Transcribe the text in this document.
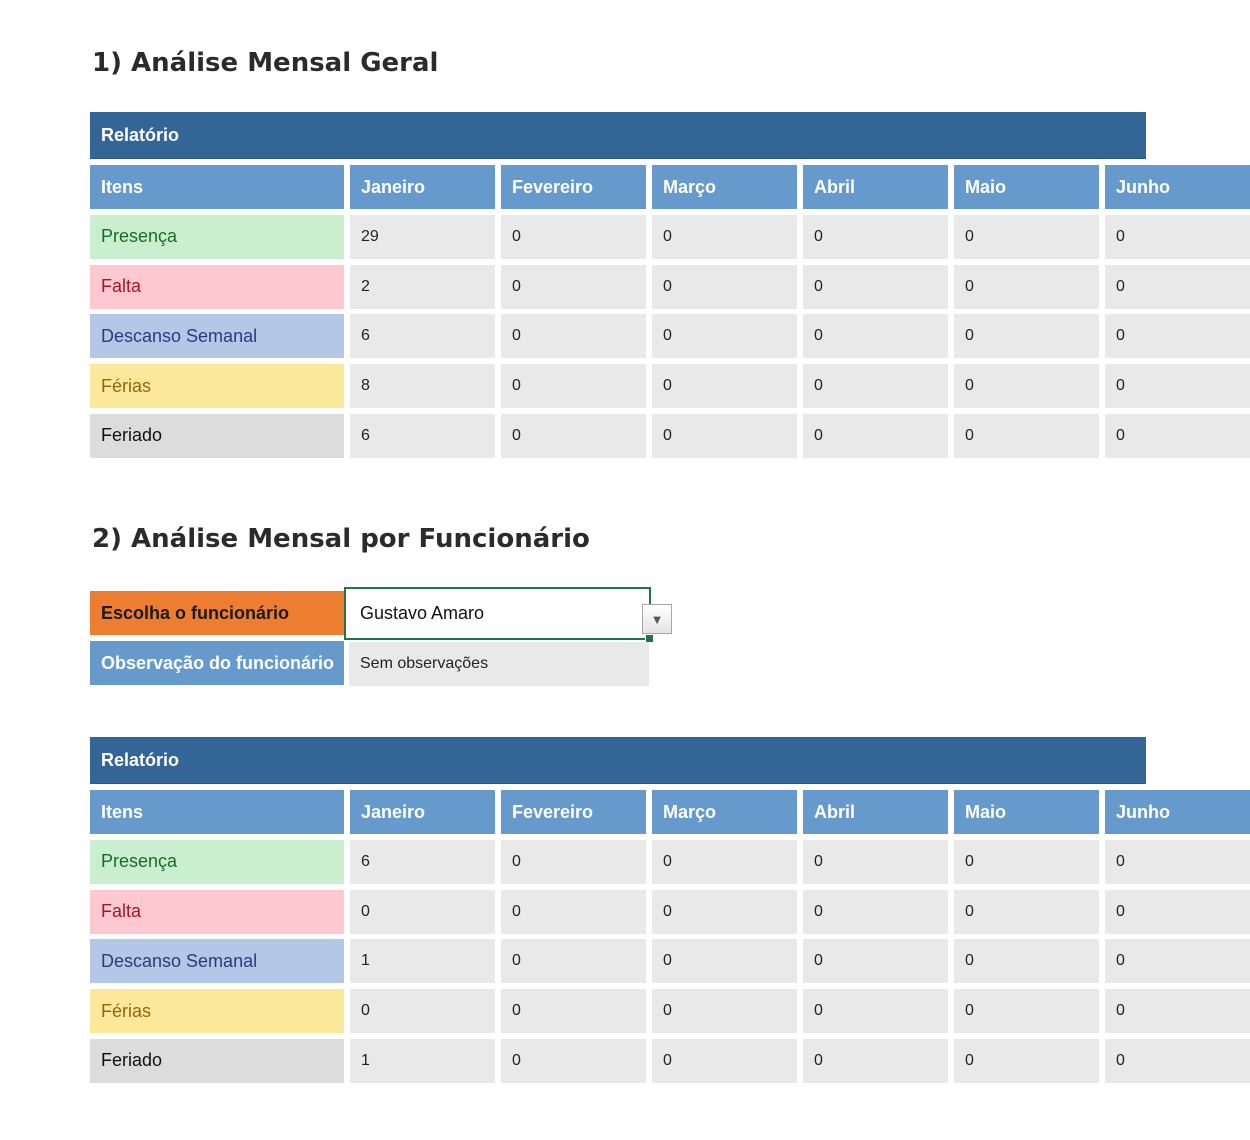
1) Análise Mensal Geral
Relatório
Itens	Janeiro	Fevereiro	Março	Abril	Maio	Junho
Presença	29	0	0	0	0	0
Falta	2	0	0	0	0	0
Descanso Semanal	6	0	0	0	0	0
Férias	8	0	0	0	0	0
Feriado	6	0	0	0	0	0
2) Análise Mensal por Funcionário
Escolha o funcionário	Gustavo Amaro	▼
Observação do funcionário	Sem observações
Relatório
Itens	Janeiro	Fevereiro	Março	Abril	Maio	Junho
Presença	6	0	0	0	0	0
Falta	0	0	0	0	0	0
Descanso Semanal	1	0	0	0	0	0
Férias	0	0	0	0	0	0
Feriado	1	0	0	0	0	0
